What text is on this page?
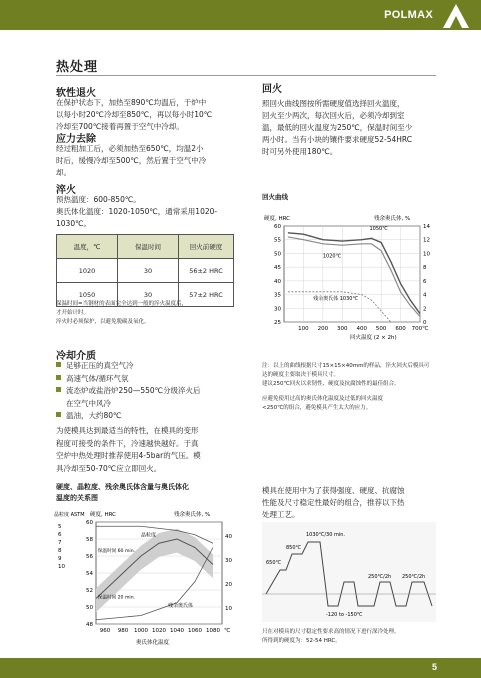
POLMAX
热处理
软性退火
在保护状态下，加热至890℃均温后，于炉中
以每小时20℃冷却至850℃，再以每小时10℃
冷却至700℃接着再置于空气中冷却。
应力去除
经过粗加工后，必须加热至650℃，均温2小
时后，缓慢冷却至500℃，然后置于空气中冷
却。
淬火
预热温度：600-850℃。
奥氏体化温度：1020-1050℃，通常采用1020-
1030℃。
温度，℃	保温时间	回火前硬度
1020	30	56±2 HRC
1050	30	57±2 HRC
保温时间=当钢材的表面完全达到一般的淬火温度后，
才开始计时。
淬火时必须保护，以避免脱碳及氧化。
冷却介质
足够正压的真空气冷
高速气体/循环气氛
流态炉或盐浴炉250—550℃分级淬火后
在空气中风冷
温油，大约80℃
为使模具达到最适当的特性，在模具的变形
程度可接受的条件下，冷速越快越好。于真
空炉中热处理时推荐使用4-5bar的气压。模
具冷却至50-70℃应立即回火。
硬度、晶粒度、残余奥氏体含量与奥氏体化
温度的关系图
48
50
52
54
56
58
60
960 980 1000 1020 1040 1060 1080 ℃
10
20
30
40
5
6
7
8
9
10
晶粒度 ASTM 硬度, HRC	残余奥氏体, %
奥氏体化温度
晶粒度
保温时间 60 min.
保温时间 20 min.
残余奥氏体
回火
照回火曲线图按所需硬度值选择回火温度，
回火至少两次，每次回火后，必须冷却到室
温，最低的回火温度为250℃，保温时间至少
两小时。当有小块的镶件要求硬度52-54HRC
时可另外使用180℃。
回火曲线
25
30
35
40
45
50
55
60
100 200 300 400 500 600 700℃
0
2
4
6
8
10
12
14
硬度, HRC	残余奥氏体, %
回火温度 (2 × 2h)
1050℃
1020℃
残余奥氏体 1030℃
注：以上的曲线根据尺寸15×15×40mm的样品，淬火回火后模具可
达的硬度主要取决于模具尺寸。
建议250℃回火以求韧性、硬度及抗腐蚀性的最佳组合。
应避免使用过高的奥氏体化温度及过低的回火温度
<250℃的组合，避免模具产生太大的应力。
模具在使用中为了获得强度、硬度、抗腐蚀
性能及尺寸稳定性最好的组合，推荐以下热
处理工艺。
1030℃/30 min.
850℃
650℃
250℃/2h 250℃/2h
-120 to -150℃
只在对模具的尺寸稳定性要求高的情况下进行深冷处理。
所得到的硬度为：52-54 HRC。
5
